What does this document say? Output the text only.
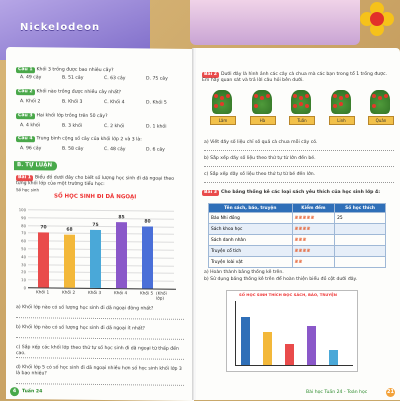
Nickelodeon
Câu 1 Khối 3 trồng được bao nhiêu cây?
A. 49 cây	B. 51 cây	C. 63 cây	D. 75 cây
Câu 2 Khối nào trồng được nhiều cây nhất?
A. Khối 2	B. Khối 3	C. Khối 4	D. Khối 5
Câu 3 Hai khối lớp trồng trên 50 cây?
A. 4 khối	B. 3 khối	C. 2 khối	D. 1 khối
Câu 4 Trung bình cộng số cây của khối lớp 2 và 3 là:
A. 96 cây	B. 58 cây	C. 48 cây	D. 6 cây
B. TỰ LUẬN
Bài 1 Biểu đồ dưới đây cho biết số lượng học sinh đi dã ngoại theo từng khối lớp của một trường tiểu học:
SỐ HỌC SINH ĐI DÃ NGOẠI
Số học sinh
0
10
20
30
40
50
60
70
80
90
100
70
Khối 1
68
Khối 2
75
Khối 3
85
Khối 4
80
Khối 5 (Khối lớp)
a) Khối lớp nào có số lượng học sinh đi dã ngoại đông nhất?
b) Khối lớp nào có số lượng học sinh đi dã ngoại ít nhất?
c) Sắp xếp các khối lớp theo thứ tự số học sinh đi dã ngoại từ thấp đến cao.
d) Khối lớp 5 có số học sinh đi dã ngoại nhiều hơn số học sinh khối lớp 3 là bao nhiêu?
4	Tuần 24
Bài 2 Dưới đây là hình ảnh các cây cà chua mà các bạn trong tổ 1 trồng được. Em hãy quan sát và trả lời câu hỏi bên dưới.
Lâm	Hà	Tuấn	Linh	Quân
a) Viết dãy số liệu chỉ số quả cà chua mỗi cây có.
b) Sắp xếp dãy số liệu theo thứ tự từ lớn đến bé.
c) Sắp xếp dãy số liệu theo thứ tự từ bé đến lớn.
Bài 3 Cho bảng thống kê các loại sách yêu thích của học sinh lớp 4:
Tên sách, báo, truyện	Kiểm đếm	Số học thích
Báo Nhi đồng	𝍸𝍸𝍸𝍸𝍸	25
Sách khoa học	𝍸𝍸𝍸𝍸	
Sách danh nhân	𝍸𝍸𝍸	
Truyện cổ tích	𝍸𝍸𝍸𝍸	
Truyện loài vật	𝍸𝍸	
a) Hoàn thành bảng thống kê trên.
b) Sử dụng bảng thống kê trên để hoàn thiện biểu đồ cột dưới đây.
SỐ HỌC SINH THÍCH ĐỌC SÁCH, BÁO, TRUYỆN
Bài học Tuần 24 - Toán học	21
